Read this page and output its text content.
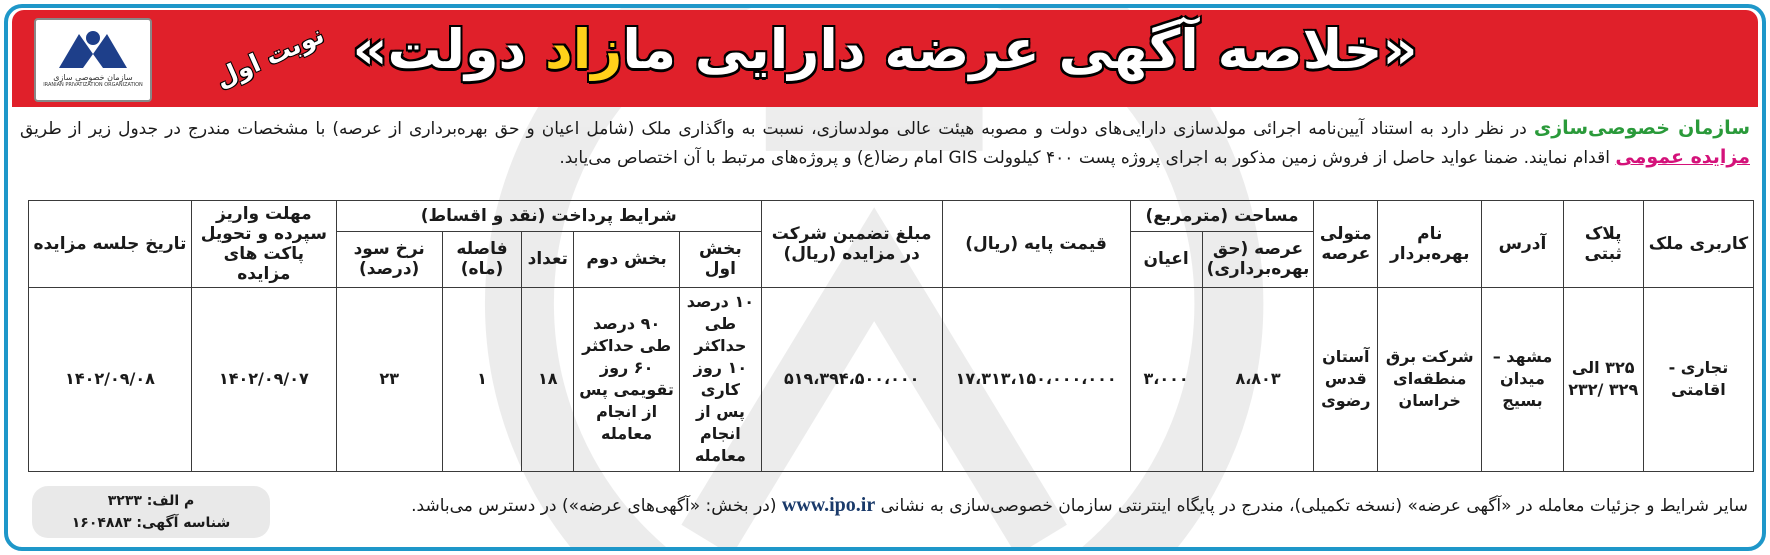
سازمان خصوصی سازی
IRANIAN PRIVATIZATION ORGANIZATION	نوبت اول	«خلاصه آگهی عرضه دارایی مازاد دولت»
سازمان خصوصی‌سازی در نظر دارد به استناد آیین‌نامه اجرائی مولدسازی دارایی‌های دولت و مصوبه هیئت عالی مولدسازی، نسبت به واگذاری ملک (شامل اعیان و حق بهره‌برداری از عرصه) با مشخصات مندرج در جدول زیر از طریق مزایده عمومی اقدام نمایند. ضمنا عواید حاصل از فروش زمین مذکور به اجرای پروژه پست ۴۰۰ کیلوولت GIS امام رضا(ع) و پروژه‌های مرتبط با آن اختصاص می‌یابد.
کاربری ملک	پلاک ثبتی	آدرس	نام بهره‌بردار	متولی عرصه	مساحت (مترمربع)		قیمت پایه (ریال)	مبلغ تضمین شرکت در مزایده (ریال)	شرایط پرداخت (نقد و اقساط)					مهلت واریز سپرده و تحویل پاکت های مزایده	تاریخ جلسه مزایده
					عرصه (حق بهره‌برداری)	اعیان			بخش اول	بخش دوم	تعداد	فاصله (ماه)	نرخ سود (درصد)		
تجاری - اقامتی	۳۲۵ الی ۳۲۹ /۲۳۲	مشهد – میدان بسیج	شرکت برق منطقه‌ای خراسان	آستان قدس رضوی	۸،۸۰۳	۳،۰۰۰	۱۷،۳۱۳،۱۵۰،۰۰۰،۰۰۰	۵۱۹،۳۹۴،۵۰۰،۰۰۰	۱۰ درصد طی حداکثر ۱۰ روز کاری پس از انجام معامله	۹۰ درصد طی حداکثر ۶۰ روز تقویمی پس از انجام معامله	۱۸	۱	۲۳	۱۴۰۲/۰۹/۰۷	۱۴۰۲/۰۹/۰۸
سایر شرایط و جزئیات معامله در «آگهی عرضه» (نسخه تکمیلی)، مندرج در پایگاه اینترنتی سازمان خصوصی‌سازی به نشانی www.ipo.ir (در بخش: «آگهی‌های عرضه») در دسترس می‌باشد.
م الف: ۳۲۳۳
شناسه آگهی: ۱۶۰۴۸۸۳
